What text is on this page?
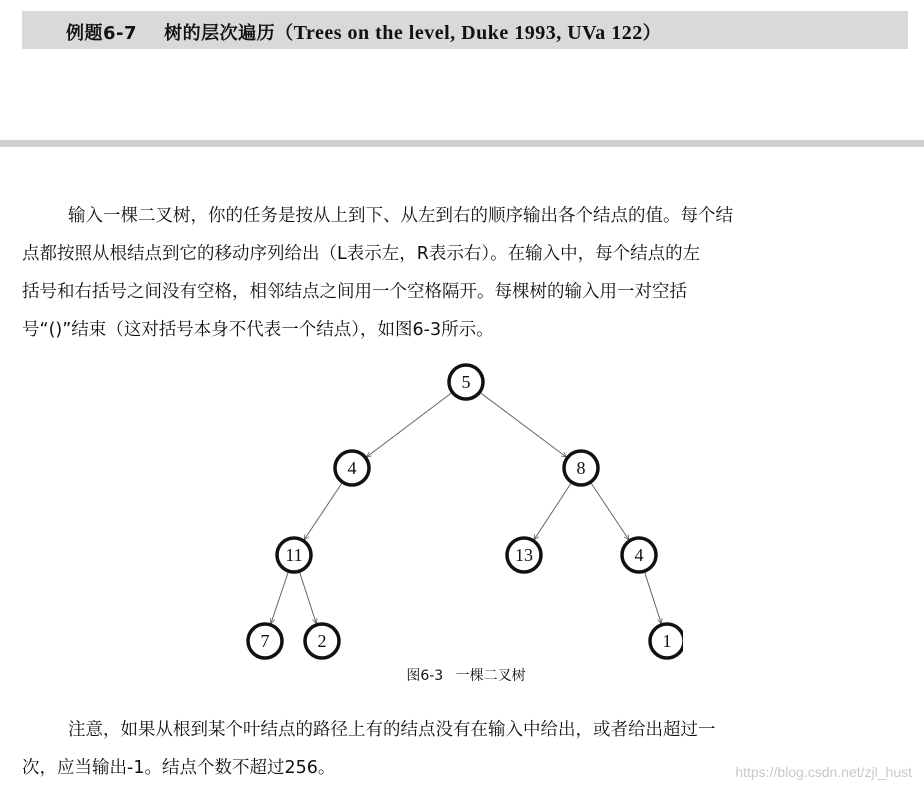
例题6-7 树的层次遍历（Trees on the level, Duke 1993, UVa 122）

输入一棵二叉树，你的任务是按从上到下、从左到右的顺序输出各个结点的值。每个结

点都按照从根结点到它的移动序列给出（L表示左，R表示右）。在输入中，每个结点的左

括号和右括号之间没有空格，相邻结点之间用一个空格隔开。每棵树的输入用一对空括

号“()”结束（这对括号本身不代表一个结点），如图6-3所示。

5
4	8
11	13	4
7	2	1
图6-3 一棵二叉树

注意，如果从根到某个叶结点的路径上有的结点没有在输入中给出，或者给出超过一

次，应当输出-1。结点个数不超过256。	https://blog.csdn.net/zjl_hust
